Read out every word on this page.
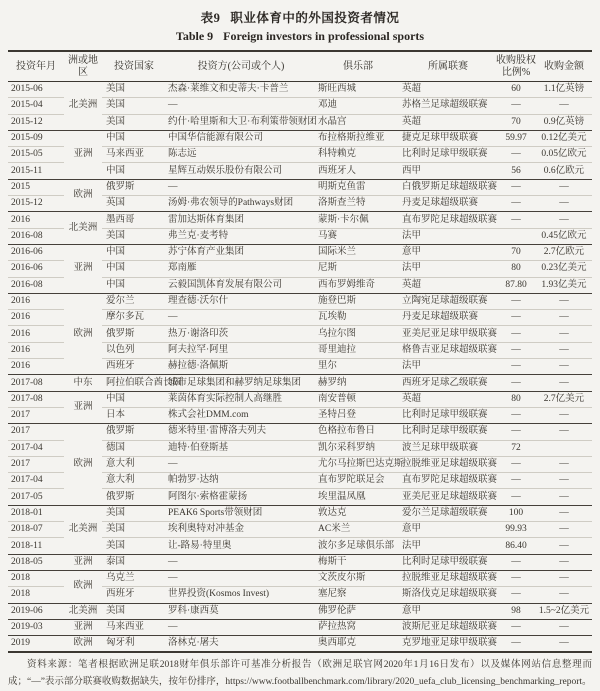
表9 职业体育中的外国投资者情况
Table 9 Foreign investors in professional sports
投资年月	洲或地区	投资国家	投资方(公司或个人)	俱乐部	所属联赛	收购股权比例%	收购金额
2015-06	北美洲	美国	杰森·莱维文和史蒂夫·卡普兰	斯旺西城	英超	60	1.1亿英镑
2015-04		美国	—	邓迪	苏格兰足球超级联赛	—	—
2015-12		美国	约什·哈里斯和大卫·布利策带领财团	水晶宫	英超	70	0.9亿英镑
2015-09	亚洲	中国	中国华信能源有限公司	布拉格斯拉维亚	捷克足球甲级联赛	59.97	0.12亿美元
2015-05		马来西亚	陈志远	科特赖克	比利时足球甲级联赛	—	0.05亿欧元
2015-11		中国	星辉互动娱乐股份有限公司	西班牙人	西甲	56	0.6亿欧元
2015	欧洲	俄罗斯	—	明斯克鱼雷	白俄罗斯足球超级联赛	—	—
2015-12		英国	汤姆·弗农领导的Pathways财团	洛斯查兰特	丹麦足球超级联赛	—	—
2016	北美洲	墨西哥	雷加达斯体育集团	蒙斯·卡尔佩	直布罗陀足球超级联赛	—	—
2016-08		美国	弗兰克·麦考特	马赛	法甲		0.45亿欧元
2016-06	亚洲	中国	苏宁体育产业集团	国际米兰	意甲	70	2.7亿欧元
2016-06		中国	郑南雁	尼斯	法甲	80	0.23亿美元
2016-08		中国	云毅国凯体育发展有限公司	西布罗姆维奇	英超	87.80	1.93亿美元
2016	欧洲	爱尔兰	理查德·沃尔什	施登巴斯	立陶宛足球超级联赛	—	—
2016		摩尔多瓦	—	瓦埃勒	丹麦足球超级联赛	—	—
2016		俄罗斯	热万·谢洛印茨	乌拉尔图	亚美尼亚足球甲级联赛	—	—
2016		以色列	阿夫拉罕·阿里	哥里迪拉	格鲁吉亚足球超级联赛	—	—
2016		西班牙	赫拉德·洛佩斯	里尔	法甲	—	—
2017-08	中东	阿拉伯联合酋长国	城市足球集团和赫罗纳足球集团	赫罗纳	西班牙足球乙级联赛	—	—
2017-08	亚洲	中国	莱茵体育实际控制人高继胜	南安普顿	英超	80	2.7亿美元
2017		日本	株式会社DMM.com	圣特吕登	比利时足球甲级联赛	—	—
2017	欧洲	俄罗斯	德米特里·雷博洛夫列夫	色格拉布鲁日	比利时足球甲级联赛	—	—
2017-04		德国	迪特·伯登斯基	凯尔采科罗纳	波兰足球甲级联赛	72	
2017		意大利	—	尤尔马拉斯巴达克斯	拉脱维亚足球超级联赛	—	—
2017-04		意大利	帕勃罗·达纳	直布罗陀联足会	直布罗陀足球超级联赛	—	—
2017-05		俄罗斯	阿图尔·索格霍蒙扬	埃里温凤凰	亚美尼亚足球超级联赛	—	—
2018-01	北美洲	美国	PEAK6 Sports带领财团	敦达克	爱尔兰足球超级联赛	100	—
2018-07		美国	埃利奥特对冲基金	AC米兰	意甲	99.93	—
2018-11		美国	让-路易·特里奥	波尔多足球俱乐部	法甲	86.40	—
2018-05	亚洲	泰国	—	梅斯干	比利时足球甲级联赛	—	—
2018	欧洲	乌克兰	—	文茨皮尔斯	拉脱维亚足球超级联赛	—	—
2018		西班牙	世界投资(Kosmos Invest)	塞尼察	斯洛伐克足球超级联赛	—	—
2019-06	北美洲	美国	罗科·康西莫	佛罗伦萨	意甲	98	1.5~2亿美元
2019-03	亚洲	马来西亚	—	萨拉热窝	波斯尼亚足球超级联赛	—	—
2019	欧洲	匈牙利	洛林克·屠夫	奥西耶克	克罗地亚足球甲级联赛	—	—

资料来源：笔者根据欧洲足联2018财年俱乐部许可基准分析报告（欧洲足联官网2020年1月16日发布）以及媒体网站信息整理而成；“—”表示部分联赛收购数据缺失，按年份排序，https://www.footballbenchmark.com/library/2020_uefa_club_licensing_benchmarking_report。
